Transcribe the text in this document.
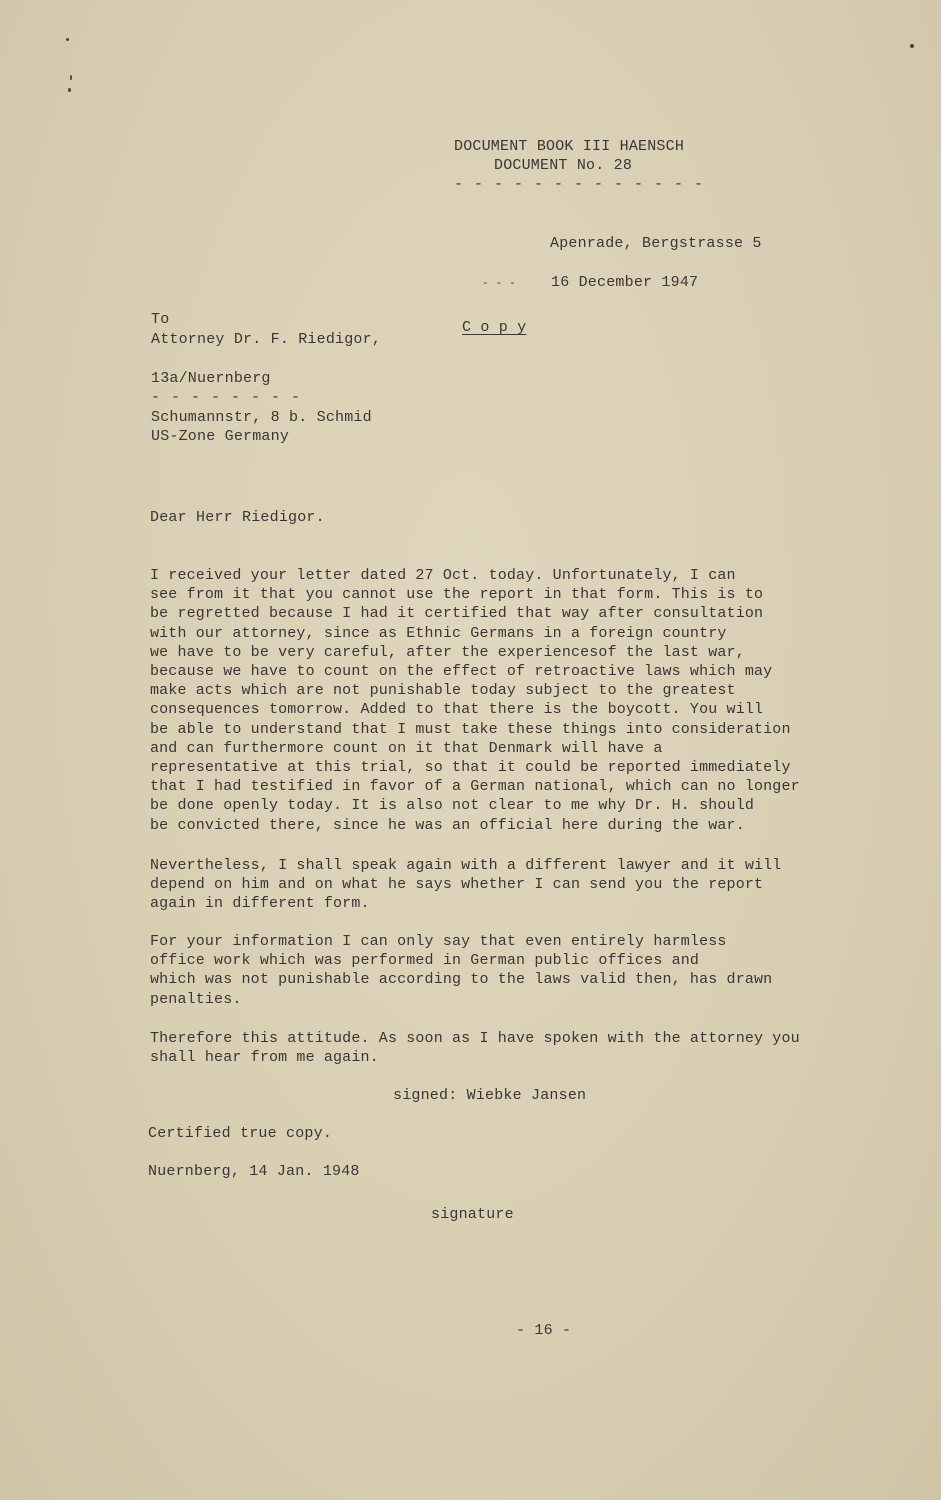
DOCUMENT BOOK III HAENSCH
DOCUMENT No. 28
- - - - - - - - - - - - -
Apenrade, Bergstrasse 5
- - - 16 December 1947
To
Attorney Dr. F. Riedigor,
C o p y
13a/Nuernberg
- - - - - - - -
Schumannstr, 8 b. Schmid
US-Zone Germany
Dear Herr Riedigor.
I received your letter dated 27 Oct. today. Unfortunately, I can
see from it that you cannot use the report in that form. This is to
be regretted because I had it certified that way after consultation
with our attorney, since as Ethnic Germans in a foreign country
we have to be very careful, after the experiencesof the last war,
because we have to count on the effect of retroactive laws which may
make acts which are not punishable today subject to the greatest
consequences tomorrow. Added to that there is the boycott. You will
be able to understand that I must take these things into consideration
and can furthermore count on it that Denmark will have a
representative at this trial, so that it could be reported immediately
that I had testified in favor of a German national, which can no longer
be done openly today. It is also not clear to me why Dr. H. should
be convicted there, since he was an official here during the war.
Nevertheless, I shall speak again with a different lawyer and it will
depend on him and on what he says whether I can send you the report
again in different form.
For your information I can only say that even entirely harmless
office work which was performed in German public offices and
which was not punishable according to the laws valid then, has drawn
penalties.
Therefore this attitude. As soon as I have spoken with the attorney you
shall hear from me again.
signed: Wiebke Jansen
Certified true copy.
Nuernberg, 14 Jan. 1948
signature
- 16 -
